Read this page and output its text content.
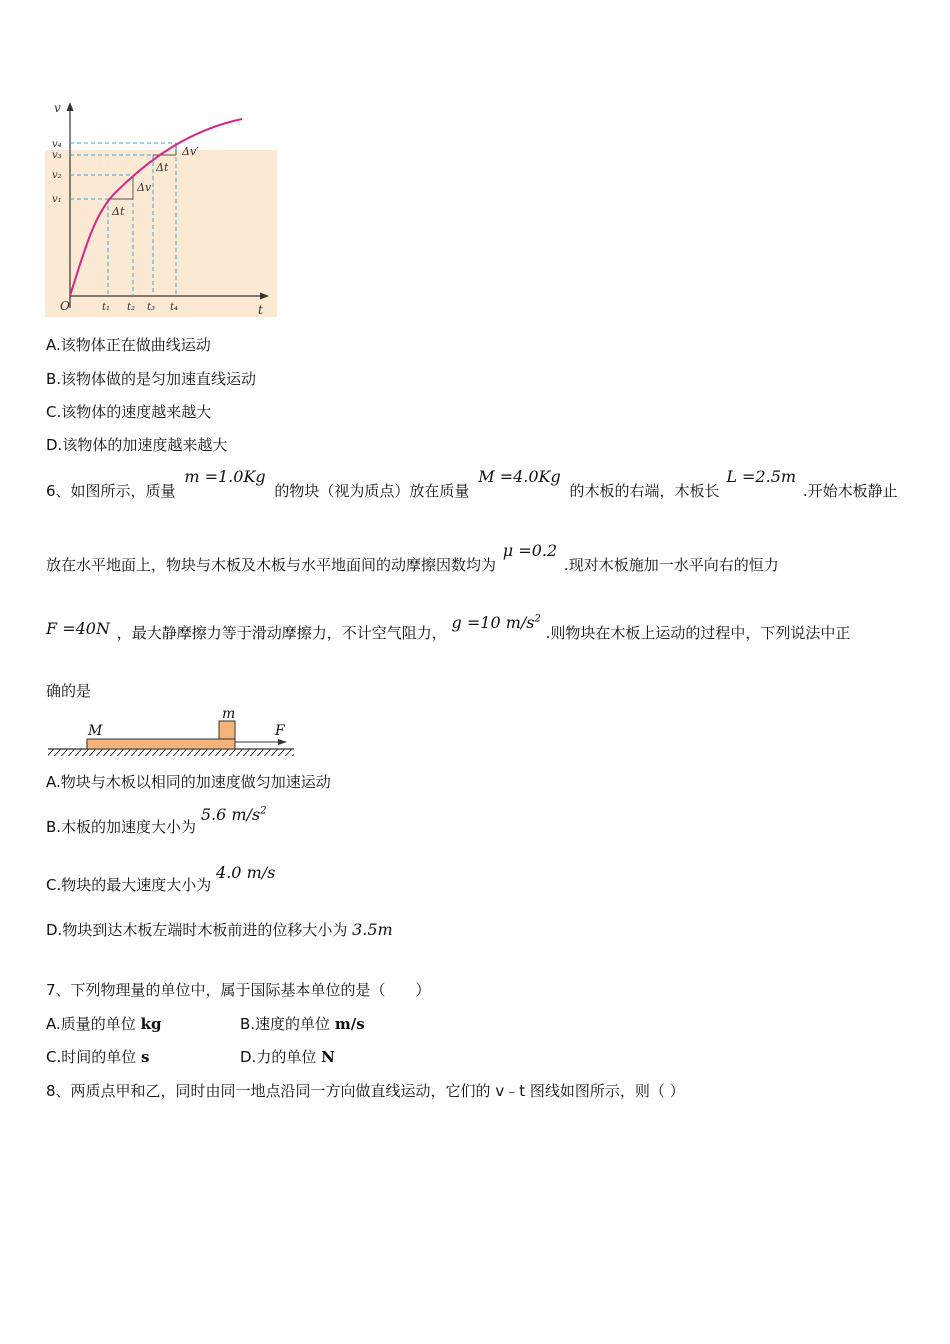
v
t
O
v₄
v₃
v₂
v₁
t₁ t₂ t₃ t₄
Δv
Δv′
Δt
Δt
A.该物体正在做曲线运动
B.该物体做的是匀加速直线运动
C.该物体的速度越来越大
D.该物体的加速度越来越大
6、如图所示，质量 m =1.0Kg 的物块（视为质点）放在质量 M =4.0Kg 的木板的右端，木板长 L =2.5m .开始木板静止
放在水平地面上，物块与木板及木板与水平地面间的动摩擦因数均为 μ =0.2 .现对木板施加一水平向右的恒力
F =40N ，最大静摩擦力等于滑动摩擦力，不计空气阻力， g =10 $m/s^2$ .则物块在木板上运动的过程中，下列说法中正
确的是
M
m
F
A.物块与木板以相同的加速度做匀加速运动
B.木板的加速度大小为 5.6 $m/s^2$
C.物块的最大速度大小为 4.0 m/s
D.物块到达木板左端时木板前进的位移大小为 3.5m
7、下列物理量的单位中，属于国际基本单位的是（　　）
A.质量的单位 kg	B.速度的单位 m/s
C.时间的单位 s	D.力的单位 N
8、两质点甲和乙，同时由同一地点沿同一方向做直线运动，它们的 v﹣t 图线如图所示，则（ ）
